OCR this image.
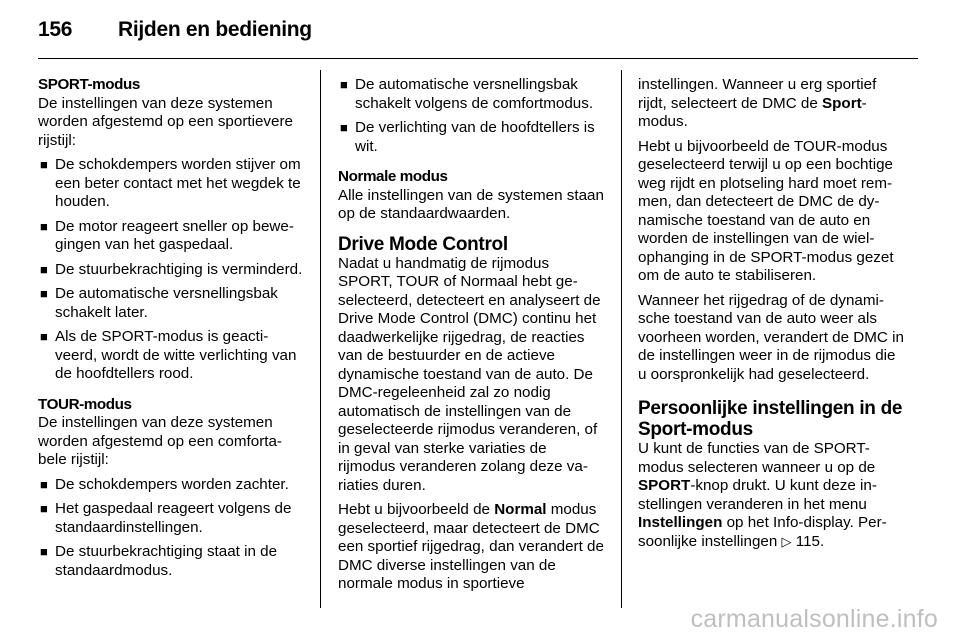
156 Rijden en bediening
SPORT-modus
De instellingen van deze systemen worden afgestemd op een sportievere rijstijl:
■ De schokdempers worden stijver om een beter contact met het wegdek te houden.
■ De motor reageert sneller op bewegingen van het gaspedaal.
■ De stuurbekrachtiging is verminderd.
■ De automatische versnellingsbak schakelt later.
■ Als de SPORT-modus is geactiveerd, wordt de witte verlichting van de hoofdtellers rood.
TOUR-modus
De instellingen van deze systemen worden afgestemd op een comfortabele rijstijl:
■ De schokdempers worden zachter.
■ Het gaspedaal reageert volgens de standaardinstellingen.
■ De stuurbekrachtiging staat in de standaardmodus.
■ De automatische versnellingsbak schakelt volgens de comfortmodus.
■ De verlichting van de hoofdtellers is wit.
Normale modus

Alle instellingen van de systemen staan op de standaardwaarden.

Drive Mode Control

Nadat u handmatig de rijmodus SPORT, TOUR of Normaal hebt geselecteerd, detecteert en analyseert de Drive Mode Control (DMC) continu het daadwerkelijke rijgedrag, de reacties van de bestuurder en de actieve dynamische toestand van de auto. De DMC-regeleenheid zal zo nodig automatisch de instellingen van de geselecteerde rijmodus veranderen, of in geval van sterke variaties de rijmodus veranderen zolang deze variaties duren.

Hebt u bijvoorbeeld de Normal modus geselecteerd, maar detecteert de DMC een sportief rijgedrag, dan verandert de DMC diverse instellingen van de normale modus in sportieve

instellingen. Wanneer u erg sportief rijdt, selecteert de DMC de Sport-modus.

Hebt u bijvoorbeeld de TOUR-modus geselecteerd terwijl u op een bochtige weg rijdt en plotseling hard moet remmen, dan detecteert de DMC de dynamische toestand van de auto en worden de instellingen van de wielophanging in de SPORT-modus gezet om de auto te stabiliseren.

Wanneer het rijgedrag of de dynamische toestand van de auto weer als voorheen worden, verandert de DMC in de instellingen weer in de rijmodus die u oorspronkelijk had geselecteerd.

Persoonlijke instellingen in de Sport-modus

U kunt de functies van de SPORT-modus selecteren wanneer u op de SPORT-knop drukt. U kunt deze instellingen veranderen in het menu Instellingen op het Info-display. Persoonlijke instellingen ▷ 115.

carmanualsonline.info
